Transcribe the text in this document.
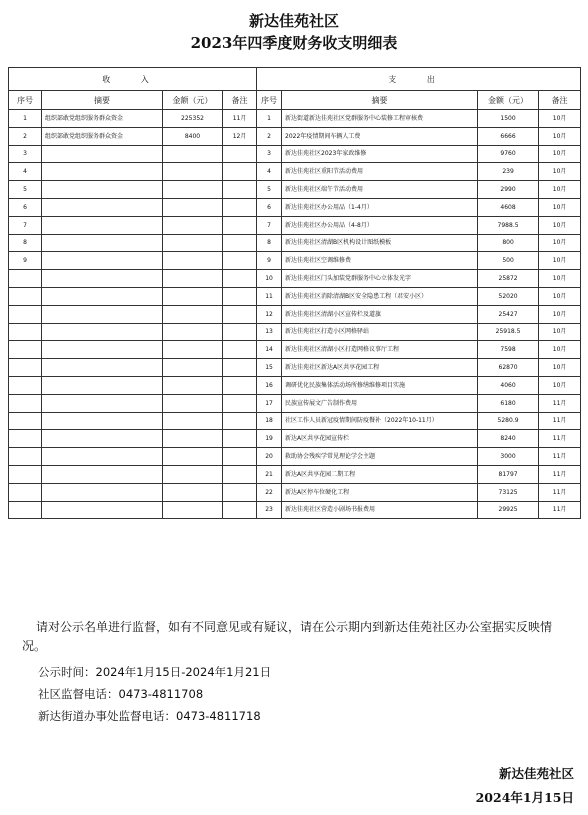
新达佳苑社区
2023年四季度财务收支明细表
收 入				支 出			
序号	摘要	金额（元）	备注	序号	摘要	金额（元）	备注
1	组织部敢党组织服务群众资金	225352	11月	1	新达街道新达佳苑社区党群服务中心装修工程审核费	1500	10月
2	组织部敢党组织服务群众资金	8400	12月	2	2022年疫情期间车辆人工费	6666	10月
3				3	新达佳苑社区2023年家政维修	9760	10月
4				4	新达佳苑社区重阳节活动费用	239	10月
5				5	新达佳苑社区端午节活动费用	2990	10月
6				6	新达佳苑社区办公用品（1-4月）	4608	10月
7				7	新达佳苑社区办公用品（4-8月）	7988.5	10月
8				8	新达佳苑社区清湖B区机构设计图纸模板	800	10月
9				9	新达佳苑社区空调维修费	500	10月
				10	新达佳苑社区门头加装党群服务中心立体发光字	25872	10月
				11	新达佳苑社区消除清湖B区安全隐患工程（君安小区）	52020	10月
				12	新达佳苑社区清湖小区宣传栏及道旗	25427	10月
				13	新达佳苑社区打造小区网格驿站	25918.5	10月
				14	新达佳苑社区清湖小区打造网格议事厅工程	7598	10月
				15	新达佳苑社区新达A区共享花园工程	62870	10月
				16	调研优化民族集体活动场所修缮维修项目实施	4060	10月
				17	民族宣传展文广告制作费用	6180	11月
				18	社区工作人员新冠疫情期间防疫餐补（2022年10-11月）	5280.9	11月
				19	新达A区共享花园宣传栏	8240	11月
				20	救助协会残疾学常见理论学会主题	3000	11月
				21	新达A区共享花园二期工程	81797	11月
				22	新达A区停车位硬化工程	73125	11月
				23	新达佳苑社区营造小剧场书报费用	29925	11月
请对公示名单进行监督，如有不同意见或有疑议，请在公示期内到新达佳苑社区办公室据实反映情况。
公示时间：2024年1月15日-2024年1月21日
社区监督电话：0473-4811708
新达街道办事处监督电话：0473-4811718
新达佳苑社区
2024年1月15日
